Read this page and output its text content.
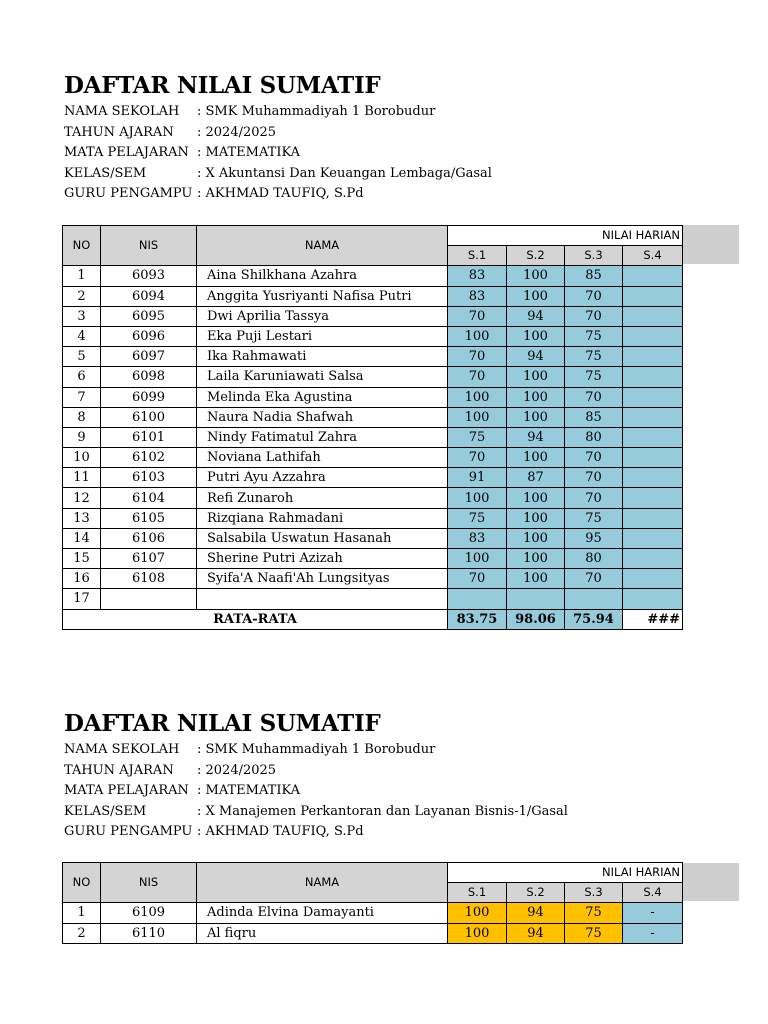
DAFTAR NILAI SUMATIF
NAMA SEKOLAH : SMK Muhammadiyah 1 Borobudur
TAHUN AJARAN : 2024/2025
MATA PELAJARAN : MATEMATIKA
KELAS/SEM	: X Akuntansi Dan Keuangan Lembaga/Gasal
GURU PENGAMPU : AKHMAD TAUFIQ, S.Pd
NO	NIS	NAMA	NILAI HARIAN			
			S.1	S.2	S.3	S.4
1	6093	Aina Shilkhana Azahra	83	100	85	
2	6094	Anggita Yusriyanti Nafisa Putri	83	100	70	
3	6095	Dwi Aprilia Tassya	70	94	70	
4	6096	Eka Puji Lestari	100	100	75	
5	6097	Ika Rahmawati	70	94	75	
6	6098	Laila Karuniawati Salsa	70	100	75	
7	6099	Melinda Eka Agustina	100	100	70	
8	6100	Naura Nadia Shafwah	100	100	85	
9	6101	Nindy Fatimatul Zahra	75	94	80	
10	6102	Noviana Lathifah	70	100	70	
11	6103	Putri Ayu Azzahra	91	87	70	
12	6104	Refi Zunaroh	100	100	70	
13	6105	Rizqiana Rahmadani	75	100	75	
14	6106	Salsabila Uswatun Hasanah	83	100	95	
15	6107	Sherine Putri Azizah	100	100	80	
16	6108	Syifa'A Naafi'Ah Lungsityas	70	100	70	
17						
RATA-RATA			83.75	98.06	75.94	###
DAFTAR NILAI SUMATIF
NAMA SEKOLAH : SMK Muhammadiyah 1 Borobudur
TAHUN AJARAN : 2024/2025
MATA PELAJARAN : MATEMATIKA
KELAS/SEM	: X Manajemen Perkantoran dan Layanan Bisnis-1/Gasal
GURU PENGAMPU : AKHMAD TAUFIQ, S.Pd
NO	NIS	NAMA	NILAI HARIAN			
			S.1	S.2	S.3	S.4
1	6109	Adinda Elvina Damayanti	100	94	75	-
2	6110	Al fiqru	100	94	75	-
